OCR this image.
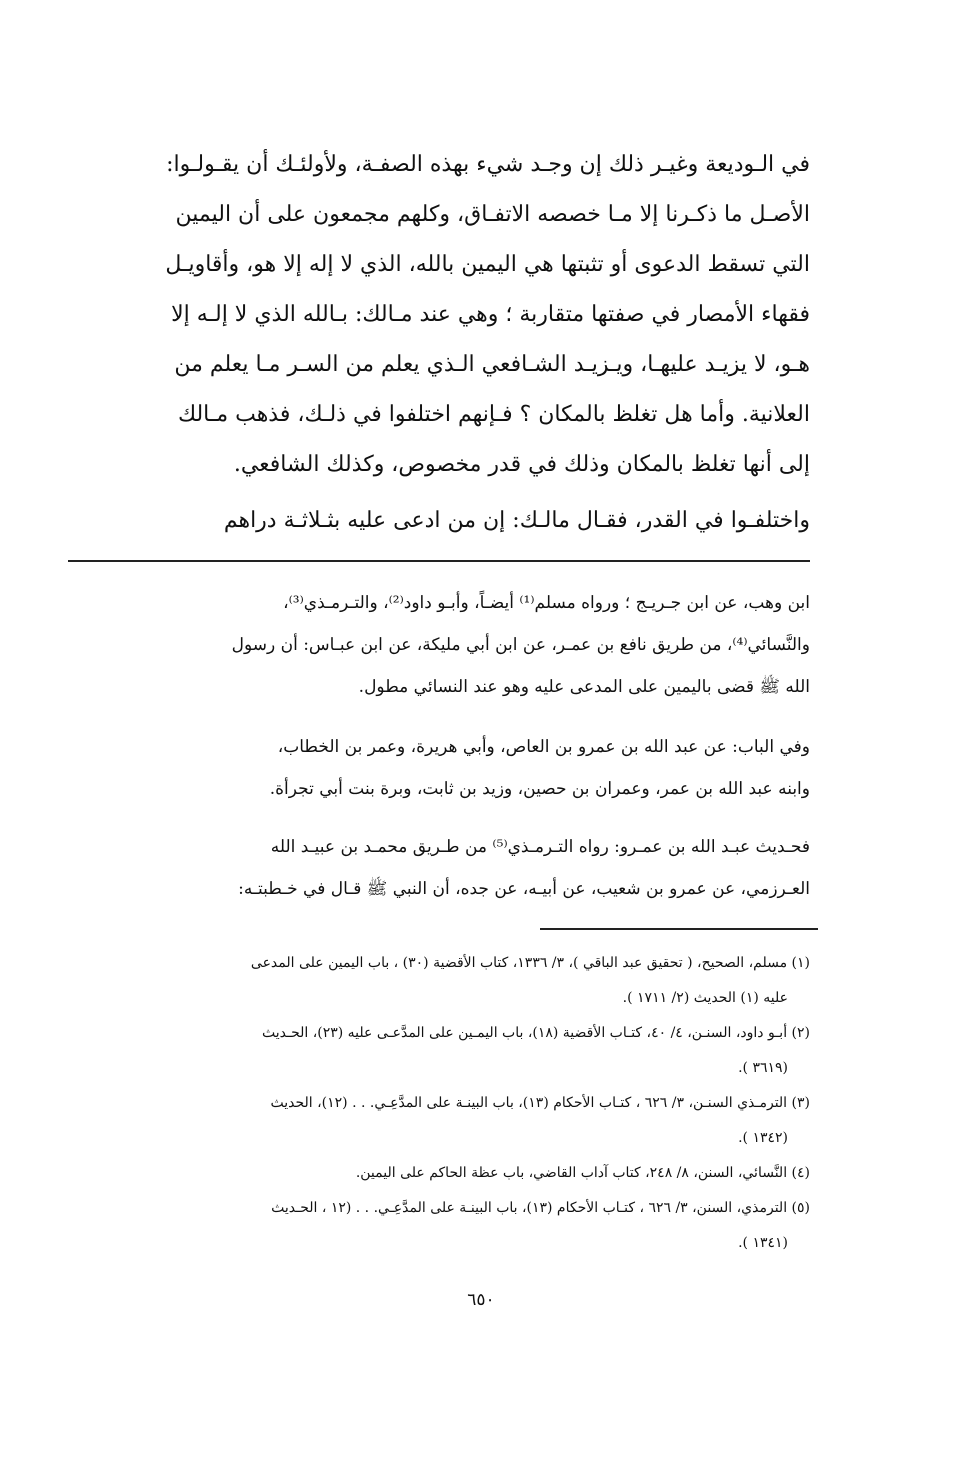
في الـوديعة وغيـر ذلك إن وجـد شيء بهذه الصفـة، ولأولئـك أن يقـولـوا:
الأصـل ما ذكـرنا إلا مـا خصصه الاتفـاق، وكلهم مجمعون على أن اليمين
التي تسقط الدعوى أو تثبتها هي اليمين بالله، الذي لا إله إلا هو، وأقاويـل
فقهاء الأمصار في صفتها متقاربة ؛ وهي عند مـالك: بـالله الذي لا إلـه إلا
هـو، لا يزيـد عليهـا، ويـزيـد الشـافعي الـذي يعلم من السـر مـا يعلم من
العلانية. وأما هل تغلظ بالمكان ؟ فـإنهم اختلفوا في ذلـك، فذهب مـالك
إلى أنها تغلظ بالمكان وذلك في قدر مخصوص، وكذلك الشافعي.
واختلفـوا في القدر، فقـال مالـك: إن من ادعى عليه بثـلاثـة دراهم
ابن وهب، عن ابن جـريـج ؛ ورواه مسلم⁽¹⁾ أيضـاً، وأبـو داود⁽²⁾، والتـرمـذي⁽³⁾،
والنَّسائي⁽⁴⁾، من طريق نافع بن عمـر، عن ابن أبي مليكة، عن ابن عبـاس: أن رسول
الله ﷺ قضى باليمين على المدعى عليه وهو عند النسائي مطول.
وفي الباب: عن عبد الله بن عمرو بن العاص، وأبي هريرة، وعمر بن الخطاب،
وابنه عبد الله بن عمر، وعمران بن حصين، وزيد بن ثابت، وبرة بنت أبي تجرأة.
فحـديث عبـد الله بن عمـرو: رواه التـرمـذي⁽⁵⁾ من طـريق محمـد بن عبيـد الله
العـرزمي، عن عمرو بن شعيب، عن أبيـه، عن جده، أن النبي ﷺ قـال في خـطبتـه:
(١) مسلم، الصحيح، ( تحقيق عبد الباقي )، ٣/ ١٣٣٦، كتاب الأقضية (٣٠) ، باب اليمين على المدعى
عليه (١) الحديث (٢/ ١٧١١ ).
(٢) أبـو داود، السنـن، ٤/ ٤٠، كتـاب الأقضية (١٨)، باب اليمـين على المدَّعـى عليه (٢٣)، الحـديث
(٣٦١٩ ).
(٣) الترمـذي السنـن، ٣/ ٦٢٦ ، كتـاب الأحكام (١٣)، باب البينـة على المدَّعِـي. . . (١٢)، الحديث
(١٣٤٢ ).
(٤) النَّسائي، السنن، ٨/ ٢٤٨، كتاب آداب القاضي، باب عظة الحاكم على اليمين.
(٥) الترمذي، السنن، ٣/ ٦٢٦ ، كتـاب الأحكام (١٣)، باب البينـة على المدَّعِـي. . . (١٢ ، الحـديث
(١٣٤١ ).
٦٥٠
